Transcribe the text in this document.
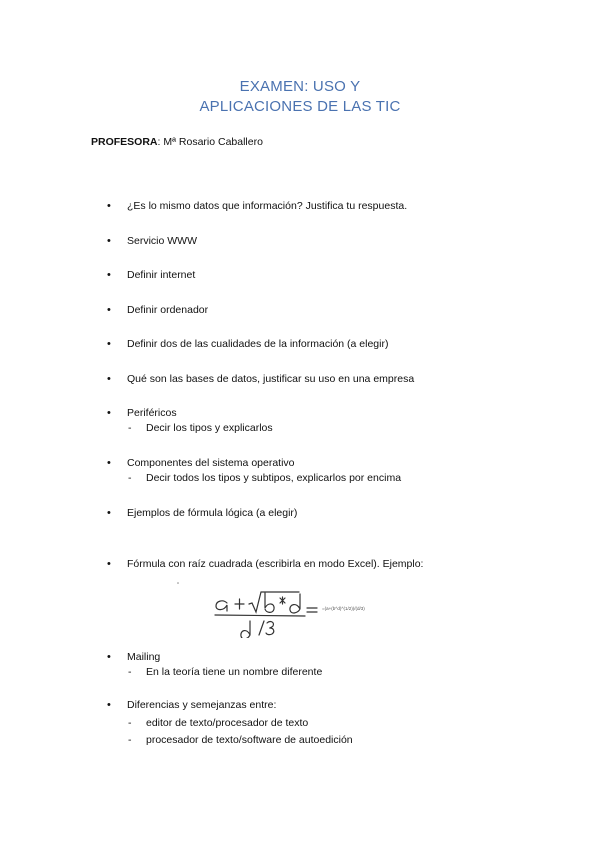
EXAMEN: USO Y
APLICACIONES DE LAS TIC
PROFESORA: Mª Rosario Caballero
• ¿Es lo mismo datos que información? Justifica tu respuesta.
• Servicio WWW
• Definir internet
• Definir ordenador
• Definir dos de las cualidades de la información (a elegir)
• Qué son las bases de datos, justificar su uso en una empresa
• Periféricos
- Decir los tipos y explicarlos
• Componentes del sistema operativo
- Decir todos los tipos y subtipos, explicarlos por encima
• Ejemplos de fórmula lógica (a elegir)
• Fórmula con raíz cuadrada (escribirla en modo Excel). Ejemplo:
=(a+(b^d)^(1/2))/(d/3)
• Mailing
- En la teoría tiene un nombre diferente
• Diferencias y semejanzas entre:
- editor de texto/procesador de texto
- procesador de texto/software de autoedición
